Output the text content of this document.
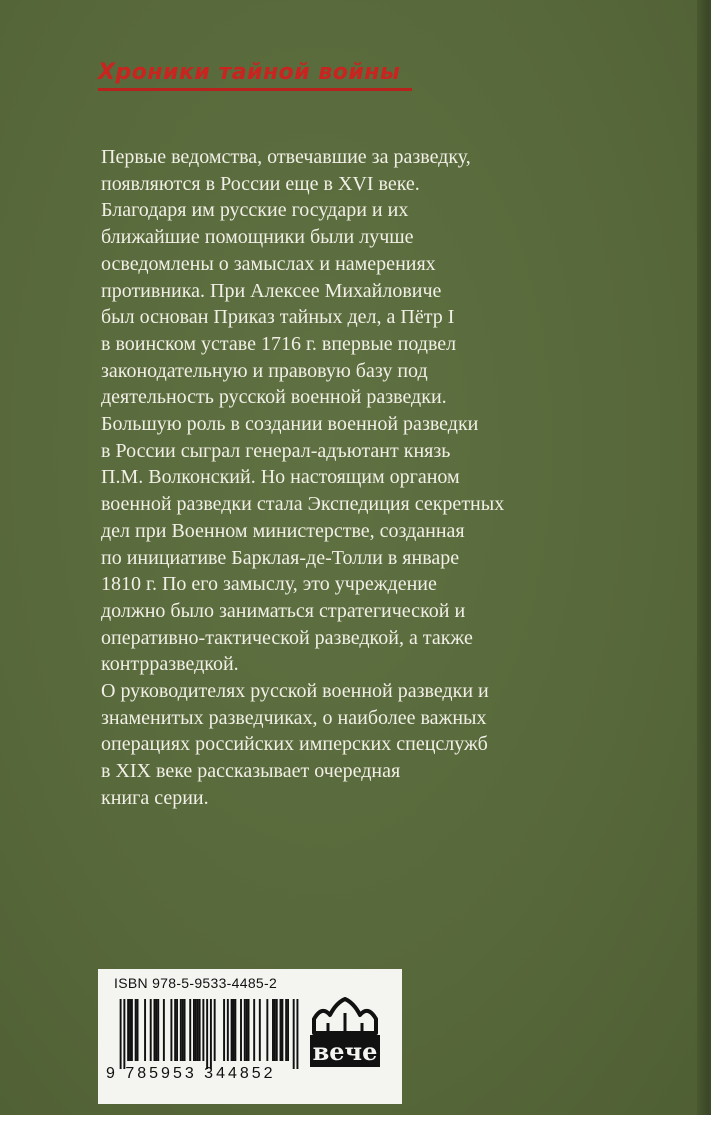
Хроники тайной войны

Первые ведомства, отвечавшие за разведку,

появляются в России еще в XVI веке.

Благодаря им русские государи и их

ближайшие помощники были лучше

осведомлены о замыслах и намерениях

противника. При Алексее Михайловиче

был основан Приказ тайных дел, а Пётр I

в воинском уставе 1716 г. впервые подвел

законодательную и правовую базу под

деятельность русской военной разведки.

Большую роль в создании военной разведки

в России сыграл генерал-адъютант князь

П.М. Волконский. Но настоящим органом

военной разведки стала Экспедиция секретных

дел при Военном министерстве, созданная

по инициативе Барклая-де-Толли в январе

1810 г. По его замыслу, это учреждение

должно было заниматься стратегической и

оперативно-тактической разведкой, а также

контрразведкой.

О руководителях русской военной разведки и

знаменитых разведчиках, о наиболее важных

операциях российских имперских спецслужб

в XIX веке рассказывает очередная

книга серии.

ISBN 978-5-9533-4485-2
9 785953 344852
вече
